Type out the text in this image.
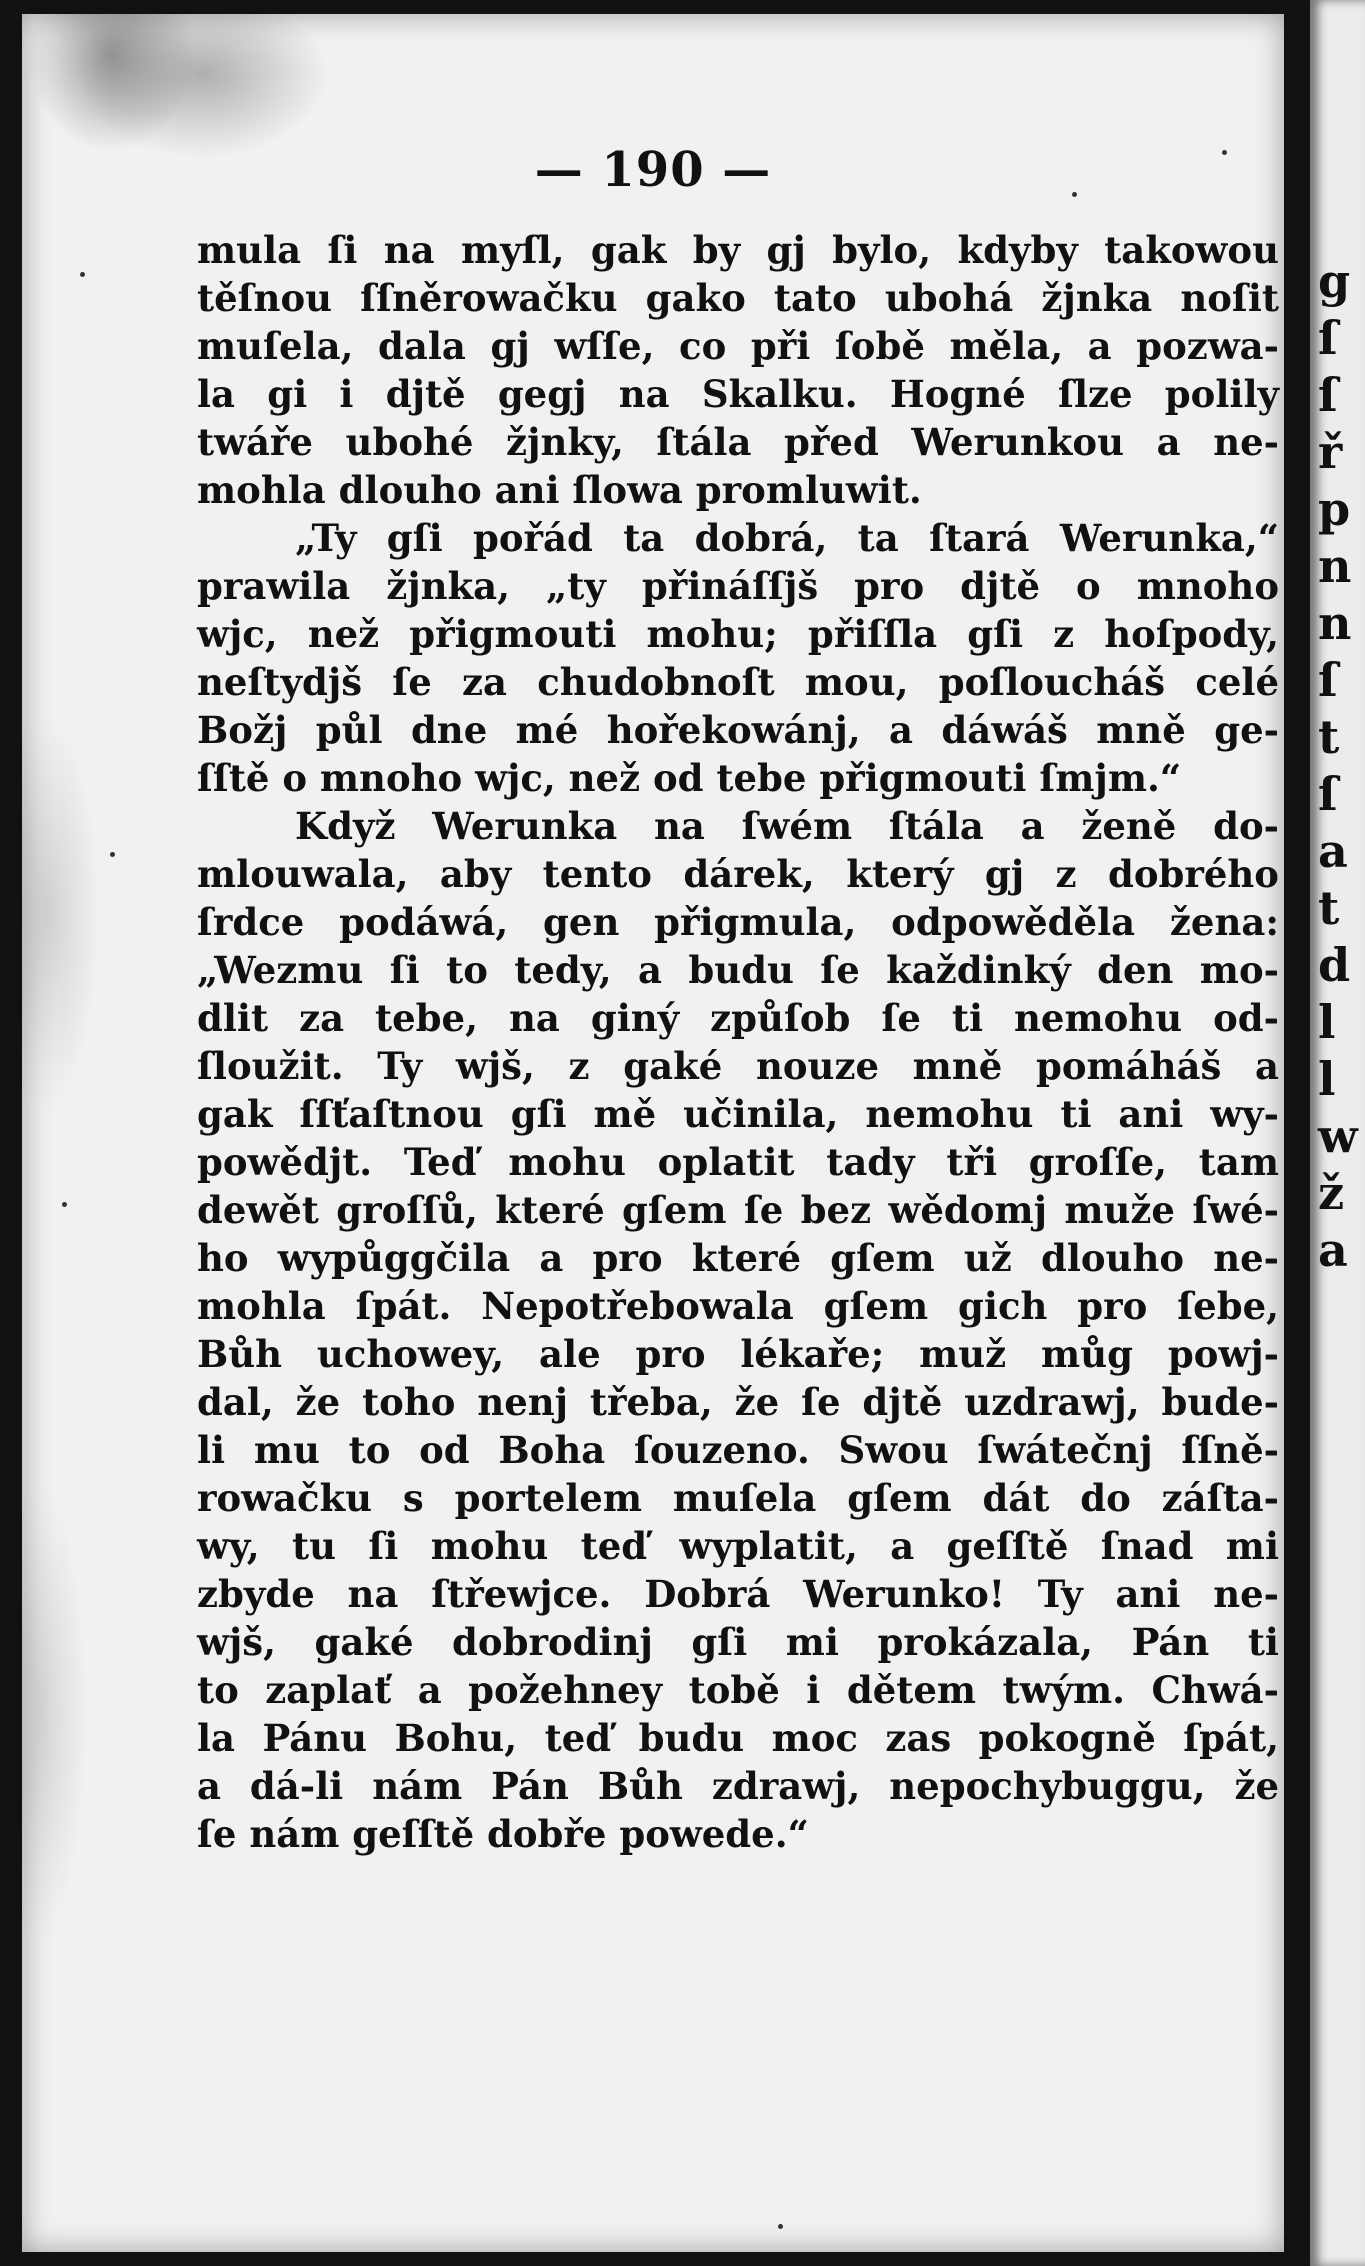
— 190 —
mula ſi na myſl, gak by gj bylo, kdyby takowou
těſnou ſſněrowačku gako tato ubohá žjnka noſit
muſela, dala gj wſſe, co při ſobě měla, a pozwa-
la gi i djtě gegj na Skalku. Hogné ſlze polily
twáře ubohé žjnky, ſtála před Werunkou a ne-
mohla dlouho ani ſlowa promluwit.
„Ty gſi pořád ta dobrá, ta ſtará Werunka,“
prawila žjnka, „ty přináſſjš pro djtě o mnoho
wjc, než přigmouti mohu; přiſſla gſi z hoſpody,
neſtydjš ſe za chudobnoſt mou, poſloucháš celé
Božj půl dne mé hořekowánj, a dáwáš mně ge-
ſſtě o mnoho wjc, než od tebe přigmouti ſmjm.“
Když Werunka na ſwém ſtála a ženě do-
mlouwala, aby tento dárek, který gj z dobrého
ſrdce podáwá, gen přigmula, odpowěděla žena:
„Wezmu ſi to tedy, a budu ſe každinký den mo-
dlit za tebe, na giný způſob ſe ti nemohu od-
ſloužit. Ty wjš, z gaké nouze mně pomáháš a
gak ſſťaſtnou gſi mě učinila, nemohu ti ani wy-
powědjt. Teď mohu oplatit tady tři groſſe, tam
dewět groſſů, které gſem ſe bez wědomj muže ſwé-
ho wypůggčila a pro které gſem už dlouho ne-
mohla ſpát. Nepotřebowala gſem gich pro ſebe,
Bůh uchowey, ale pro lékaře; muž můg powj-
dal, že toho nenj třeba, že ſe djtě uzdrawj, bude-
li mu to od Boha ſouzeno. Swou ſwátečnj ſſně-
rowačku s portelem muſela gſem dát do záſta-
wy, tu ſi mohu teď wyplatit, a geſſtě ſnad mi
zbyde na ſtřewjce. Dobrá Werunko! Ty ani ne-
wjš, gaké dobrodinj gſi mi prokázala, Pán ti
to zaplať a požehney tobě i dětem twým. Chwá-
la Pánu Bohu, teď budu moc zas pokogně ſpát,
a dá-li nám Pán Bůh zdrawj, nepochybuggu, že
ſe nám geſſtě dobře powede.“
g
ſ
ſ
ř
p
n
n
ſ
t
ſ
a
t
d
l
l
w
ž
a
